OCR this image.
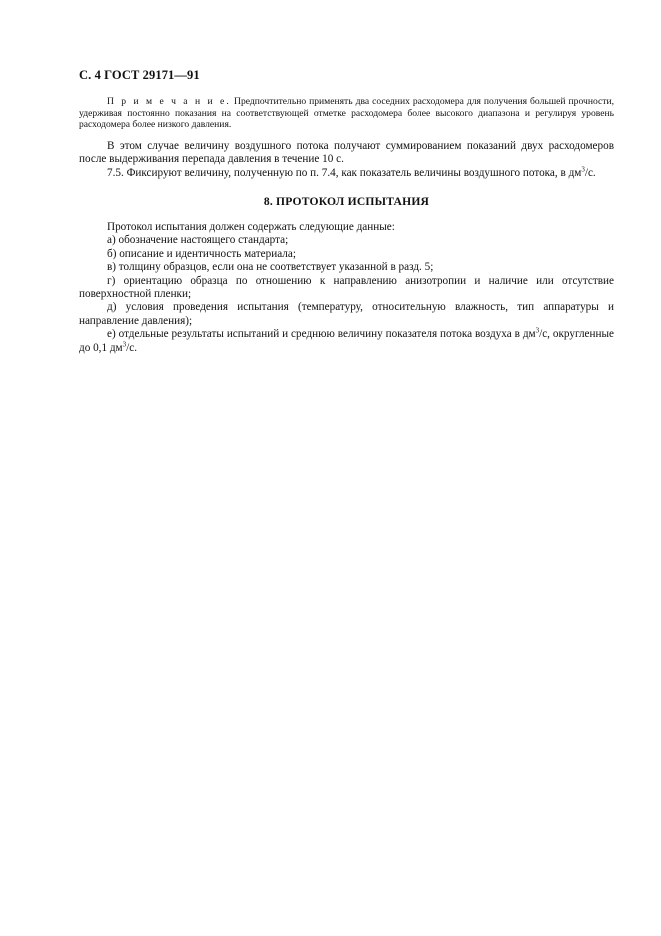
С. 4 ГОСТ 29171—91

П р и м е ч а н и е. Предпочтительно применять два соседних расходомера для получения большей прочности, удерживая постоянно показания на соответствующей отметке расходомера более высокого диапазона и регулируя уровень расходомера более низкого давления.

В этом случае величину воздушного потока получают суммированием показаний двух расходомеров после выдерживания перепада давления в течение 10 с.

7.5. Фиксируют величину, полученную по п. 7.4, как показатель величины воздушного потока, в $дм^3/с$.

8. ПРОТОКОЛ ИСПЫТАНИЯ

Протокол испытания должен содержать следующие данные:

а) обозначение настоящего стандарта;

б) описание и идентичность материала;

в) толщину образцов, если она не соответствует указанной в разд. 5;

г) ориентацию образца по отношению к направлению анизотропии и наличие или отсутствие поверхностной пленки;

д) условия проведения испытания (температуру, относительную влажность, тип аппаратуры и направление давления);

е) отдельные результаты испытаний и среднюю величину показателя потока воздуха в $дм^3/с$, округленные до 0,1 $дм^3/с$.
